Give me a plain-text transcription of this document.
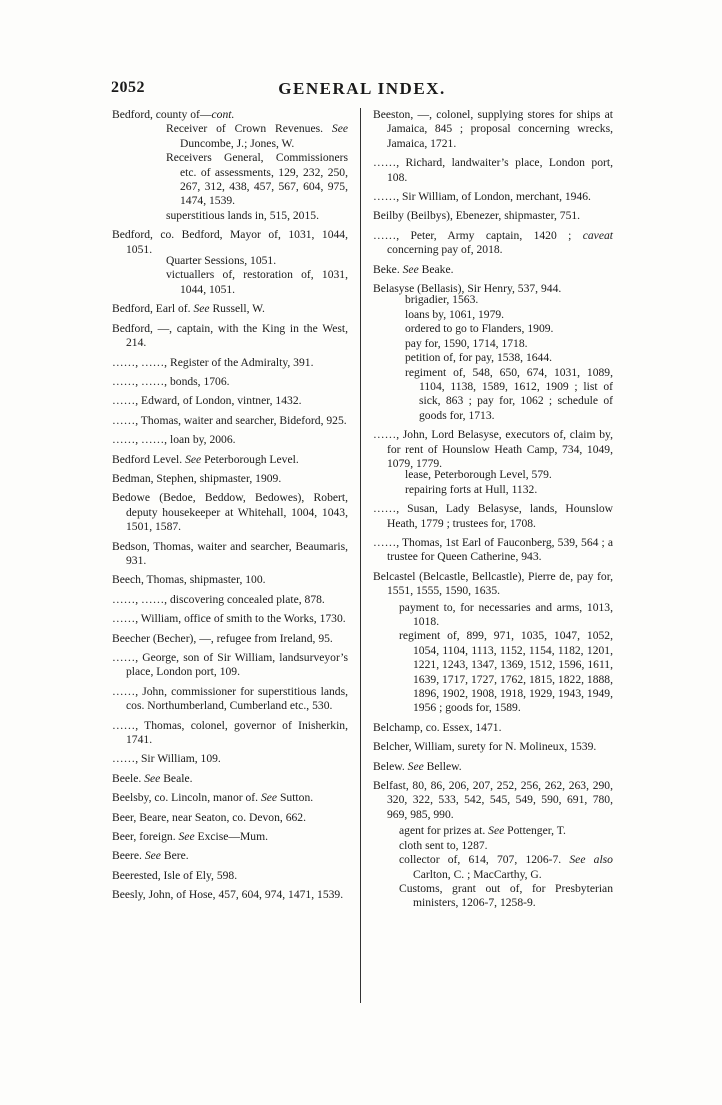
2052	GENERAL INDEX.
Bedford, county of—cont.
Receiver of Crown Revenues. See Duncombe, J.; Jones, W.
Receivers General, Commissioners etc. of assessments, 129, 232, 250, 267, 312, 438, 457, 567, 604, 975, 1474, 1539.
superstitious lands in, 515, 2015.
Bedford, co. Bedford, Mayor of, 1031, 1044, 1051.
Quarter Sessions, 1051.
victuallers of, restoration of, 1031, 1044, 1051.
Bedford, Earl of. See Russell, W.
Bedford, —, captain, with the King in the West, 214.
……, ……, Register of the Admiralty, 391.
……, ……, bonds, 1706.
……, Edward, of London, vintner, 1432.
……, Thomas, waiter and searcher, Bideford, 925.
……, ……, loan by, 2006.
Bedford Level. See Peterborough Level.
Bedman, Stephen, shipmaster, 1909.
Bedowe (Bedoe, Beddow, Bedowes), Robert, deputy housekeeper at Whitehall, 1004, 1043, 1501, 1587.
Bedson, Thomas, waiter and searcher, Beaumaris, 931.
Beech, Thomas, shipmaster, 100.
……, ……, discovering concealed plate, 878.
……, William, office of smith to the Works, 1730.
Beecher (Becher), —, refugee from Ireland, 95.
……, George, son of Sir William, landsurveyor’s place, London port, 109.
……, John, commissioner for superstitious lands, cos. Northumberland, Cumberland etc., 530.
……, Thomas, colonel, governor of Inisherkin, 1741.
……, Sir William, 109.
Beele. See Beale.
Beelsby, co. Lincoln, manor of. See Sutton.
Beer, Beare, near Seaton, co. Devon, 662.
Beer, foreign. See Excise—Mum.
Beere. See Bere.
Beerested, Isle of Ely, 598.
Beesly, John, of Hose, 457, 604, 974, 1471, 1539.
Beeston, —, colonel, supplying stores for ships at Jamaica, 845 ; proposal concerning wrecks, Jamaica, 1721.
……, Richard, landwaiter’s place, London port, 108.
……, Sir William, of London, merchant, 1946.
Beilby (Beilbys), Ebenezer, shipmaster, 751.
……, Peter, Army captain, 1420 ; caveat concerning pay of, 2018.
Beke. See Beake.
Belasyse (Bellasis), Sir Henry, 537, 944.
brigadier, 1563.
loans by, 1061, 1979.
ordered to go to Flanders, 1909.
pay for, 1590, 1714, 1718.
petition of, for pay, 1538, 1644.
regiment of, 548, 650, 674, 1031, 1089, 1104, 1138, 1589, 1612, 1909 ; list of sick, 863 ; pay for, 1062 ; schedule of goods for, 1713.
……, John, Lord Belasyse, executors of, claim by, for rent of Hounslow Heath Camp, 734, 1049, 1079, 1779.
lease, Peterborough Level, 579.
repairing forts at Hull, 1132.
……, Susan, Lady Belasyse, lands, Hounslow Heath, 1779 ; trustees for, 1708.
……, Thomas, 1st Earl of Fauconberg, 539, 564 ; a trustee for Queen Catherine, 943.
Belcastel (Belcastle, Bellcastle), Pierre de, pay for, 1551, 1555, 1590, 1635.
payment to, for necessaries and arms, 1013, 1018.
regiment of, 899, 971, 1035, 1047, 1052, 1054, 1104, 1113, 1152, 1154, 1182, 1201, 1221, 1243, 1347, 1369, 1512, 1596, 1611, 1639, 1717, 1727, 1762, 1815, 1822, 1888, 1896, 1902, 1908, 1918, 1929, 1943, 1949, 1956 ; goods for, 1589.
Belchamp, co. Essex, 1471.
Belcher, William, surety for N. Molineux, 1539.
Belew. See Bellew.
Belfast, 80, 86, 206, 207, 252, 256, 262, 263, 290, 320, 322, 533, 542, 545, 549, 590, 691, 780, 969, 985, 990.
agent for prizes at. See Pottenger, T.
cloth sent to, 1287.
collector of, 614, 707, 1206-7. See also Carlton, C. ; MacCarthy, G.
Customs, grant out of, for Presbyterian ministers, 1206-7, 1258-9.
